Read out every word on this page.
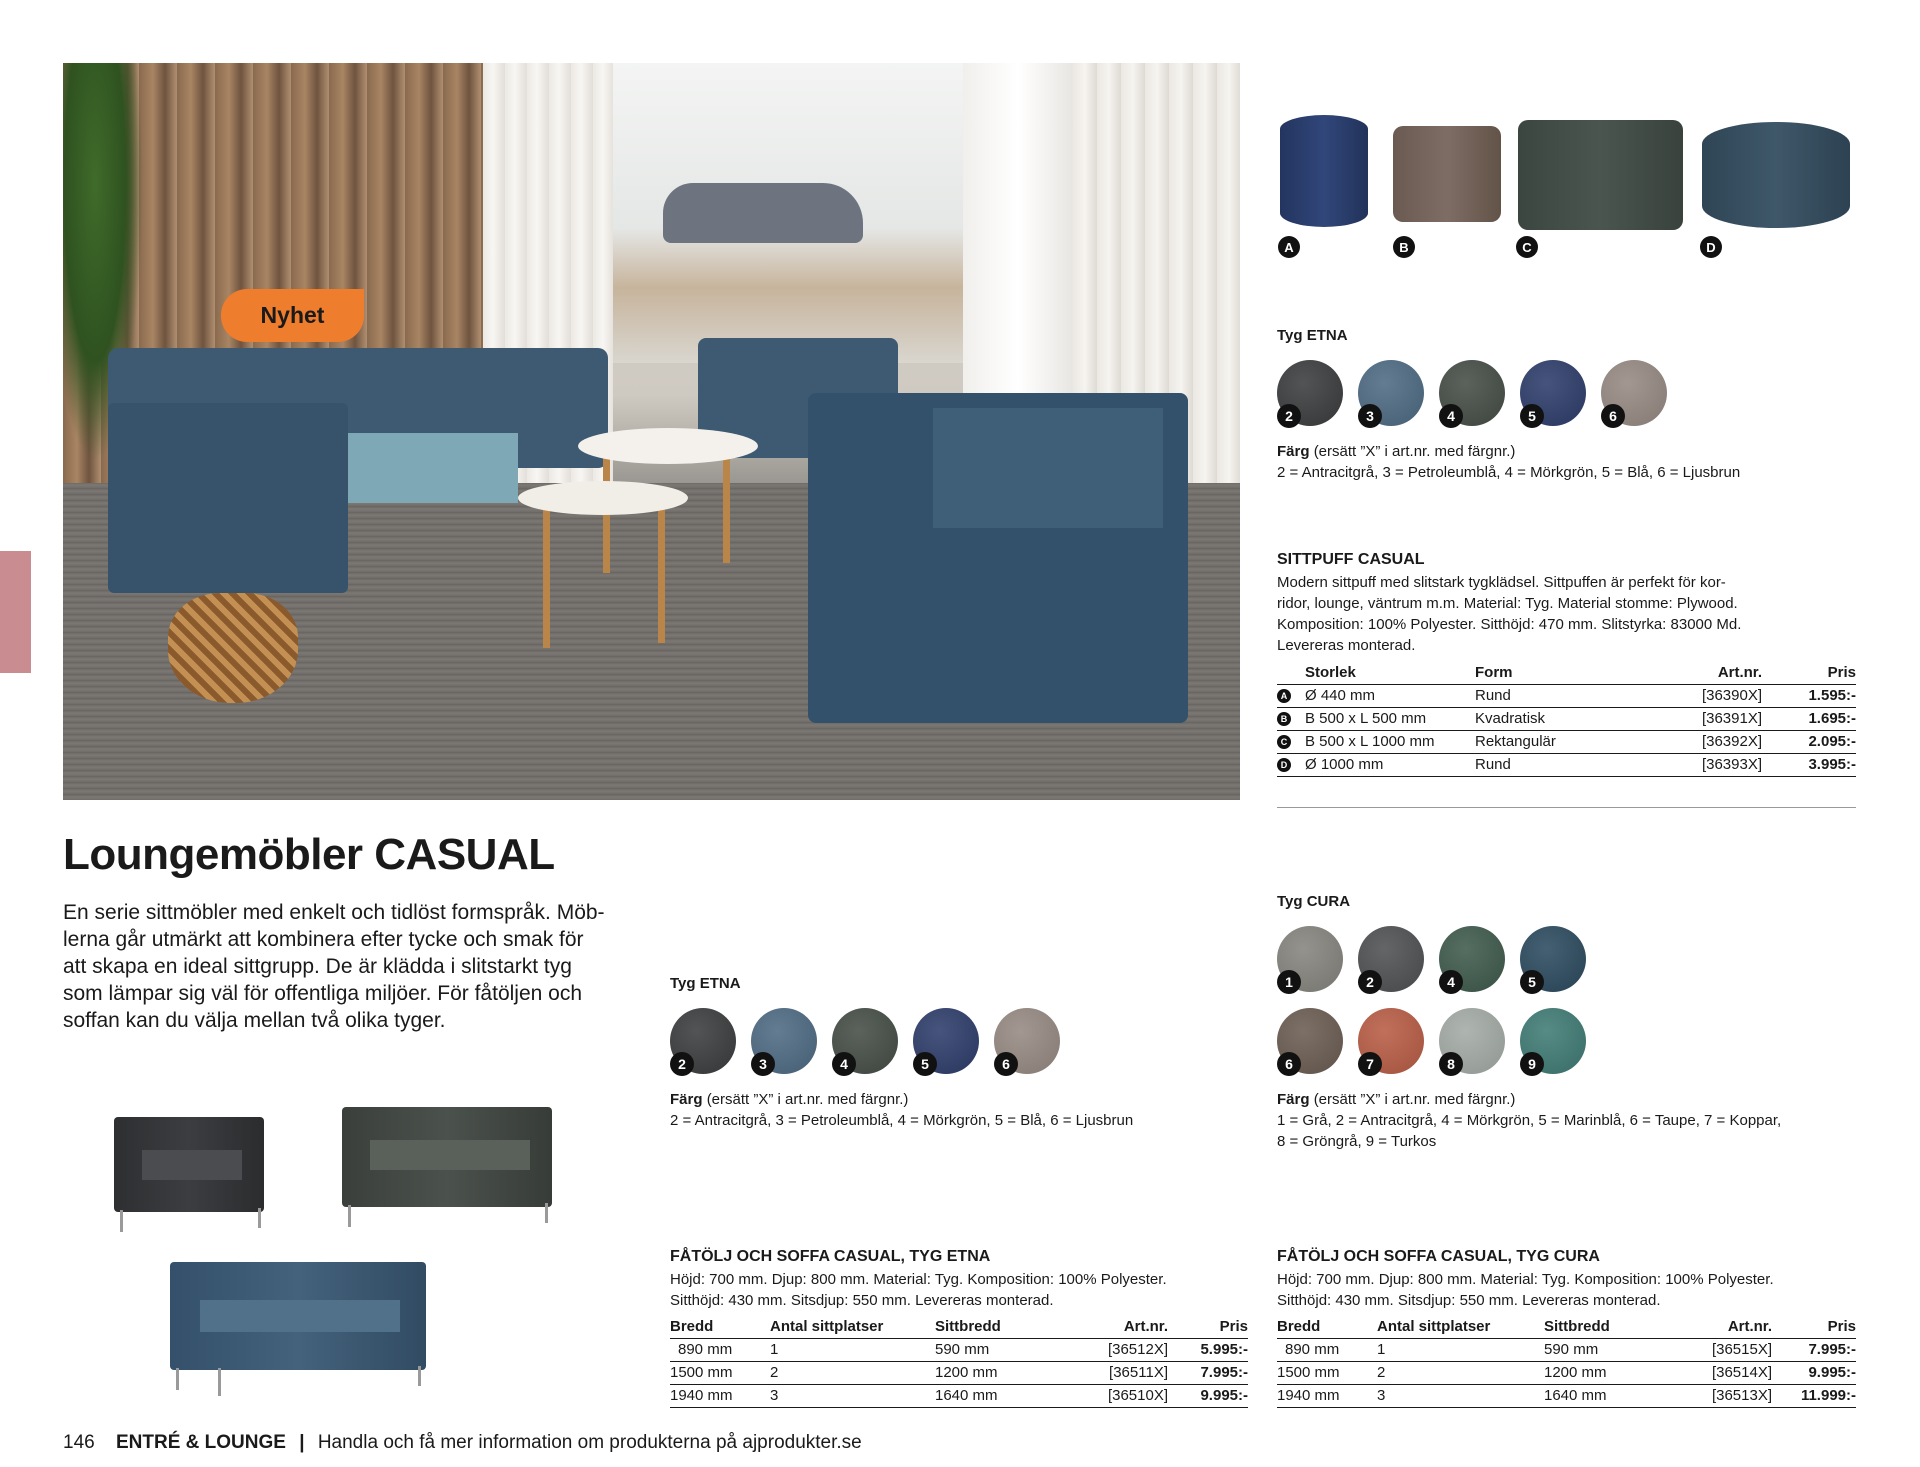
Nyhet
A	B	C	D
Tyg ETNA
2	3	4	5	6
Färg (ersätt ”X” i art.nr. med färgnr.)
2 = Antracitgrå, 3 = Petroleumblå, 4 = Mörkgrön, 5 = Blå, 6 = Ljusbrun
SITTPUFF CASUAL
Modern sittpuff med slitstark tygklädsel. Sittpuffen är perfekt för kor-
ridor, lounge, väntrum m.m. Material: Tyg. Material stomme: Plywood.
Komposition: 100% Polyester. Sitthöjd: 470 mm. Slitstyrka: 83000 Md.
Levereras monterad.
Storlek	Form	Art.nr.	Pris
A Ø 440 mm	Rund	[36390X]	1.595:-
B B 500 x L 500 mm	Kvadratisk	[36391X]	1.695:-
C B 500 x L 1000 mm	Rektangulär	[36392X]	2.095:-
D Ø 1000 mm	Rund	[36393X]	3.995:-
Loungemöbler CASUAL
En serie sittmöbler med enkelt och tidlöst formspråk. Möb-
lerna går utmärkt att kombinera efter tycke och smak för
att skapa en ideal sittgrupp. De är klädda i slitstarkt tyg
som lämpar sig väl för offentliga miljöer. För fåtöljen och
soffan kan du välja mellan två olika tyger.
Tyg ETNA
2	3	4	5	6
Färg (ersätt ”X” i art.nr. med färgnr.)
2 = Antracitgrå, 3 = Petroleumblå, 4 = Mörkgrön, 5 = Blå, 6 = Ljusbrun
Tyg CURA
1	2	4	5
6	7	8	9
Färg (ersätt ”X” i art.nr. med färgnr.)
1 = Grå, 2 = Antracitgrå, 4 = Mörkgrön, 5 = Marinblå, 6 = Taupe, 7 = Koppar,
8 = Gröngrå, 9 = Turkos
FÅTÖLJ OCH SOFFA CASUAL, TYG ETNA
Höjd: 700 mm. Djup: 800 mm. Material: Tyg. Komposition: 100% Polyester.
Sitthöjd: 430 mm. Sitsdjup: 550 mm. Levereras monterad.
Bredd	Antal sittplatser	Sittbredd	Art.nr.	Pris
890 mm	1	590 mm	[36512X]	5.995:-
1500 mm	2	1200 mm	[36511X]	7.995:-
1940 mm	3	1640 mm	[36510X]	9.995:-
FÅTÖLJ OCH SOFFA CASUAL, TYG CURA
Höjd: 700 mm. Djup: 800 mm. Material: Tyg. Komposition: 100% Polyester.
Sitthöjd: 430 mm. Sitsdjup: 550 mm. Levereras monterad.
Bredd	Antal sittplatser	Sittbredd	Art.nr.	Pris
890 mm	1	590 mm	[36515X]	7.995:-
1500 mm	2	1200 mm	[36514X]	9.995:-
1940 mm	3	1640 mm	[36513X]	11.999:-
146 ENTRÉ & LOUNGE | Handla och få mer information om produkterna på ajprodukter.se
